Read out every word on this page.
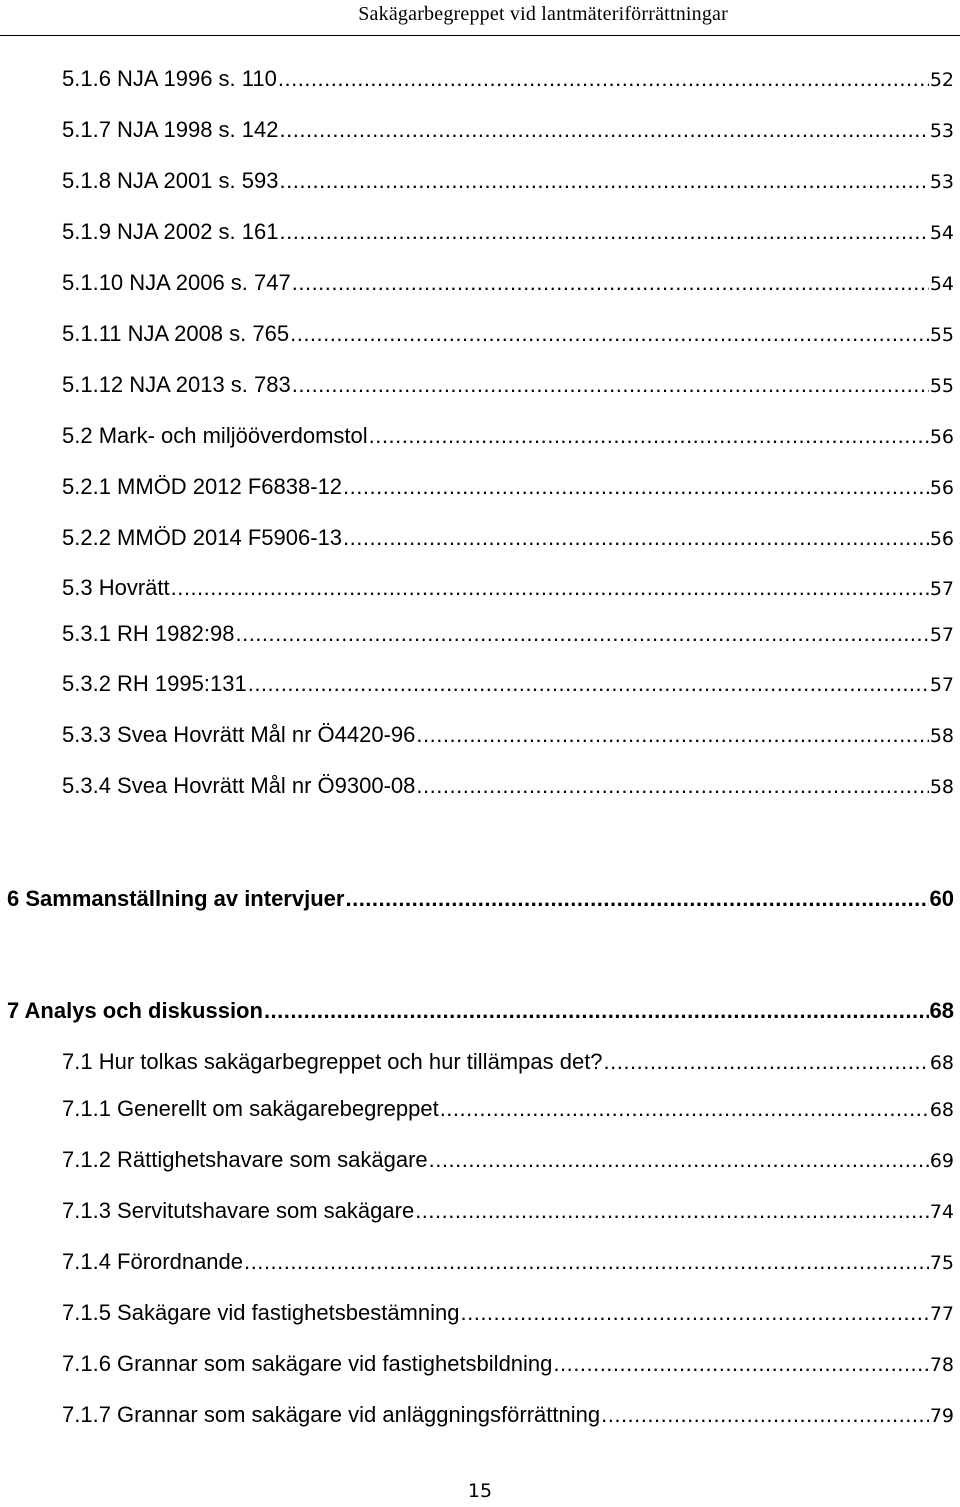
Sakägarbegreppet vid lantmäteriförrättningar
5.1.6 NJA 1996 s. 110 .....	52
5.1.7 NJA 1998 s. 142 .....	53
5.1.8 NJA 2001 s. 593 .....	53
5.1.9 NJA 2002 s. 161 .....	54
5.1.10 NJA 2006 s. 747 .....	54
5.1.11 NJA 2008 s. 765 .....	55
5.1.12 NJA 2013 s. 783 .....	55
5.2 Mark- och miljööverdomstol .....	56
5.2.1 MMÖD 2012 F6838-12 .....	56
5.2.2 MMÖD 2014 F5906-13 .....	56
5.3 Hovrätt .....	57
5.3.1 RH 1982:98 .....	57
5.3.2 RH 1995:131 .....	57
5.3.3 Svea Hovrätt Mål nr Ö4420-96 .....	58
5.3.4 Svea Hovrätt Mål nr Ö9300-08 .....	58
6 Sammanställning av intervjuer .....	60
7 Analys och diskussion .....	68
7.1 Hur tolkas sakägarbegreppet och hur tillämpas det? .....	68
7.1.1 Generellt om sakägarebegreppet .....	68
7.1.2 Rättighetshavare som sakägare .....	69
7.1.3 Servitutshavare som sakägare .....	74
7.1.4 Förordnande .....	75
7.1.5 Sakägare vid fastighetsbestämning .....	77
7.1.6 Grannar som sakägare vid fastighetsbildning .....	78
7.1.7 Grannar som sakägare vid anläggningsförrättning .....	79
15
